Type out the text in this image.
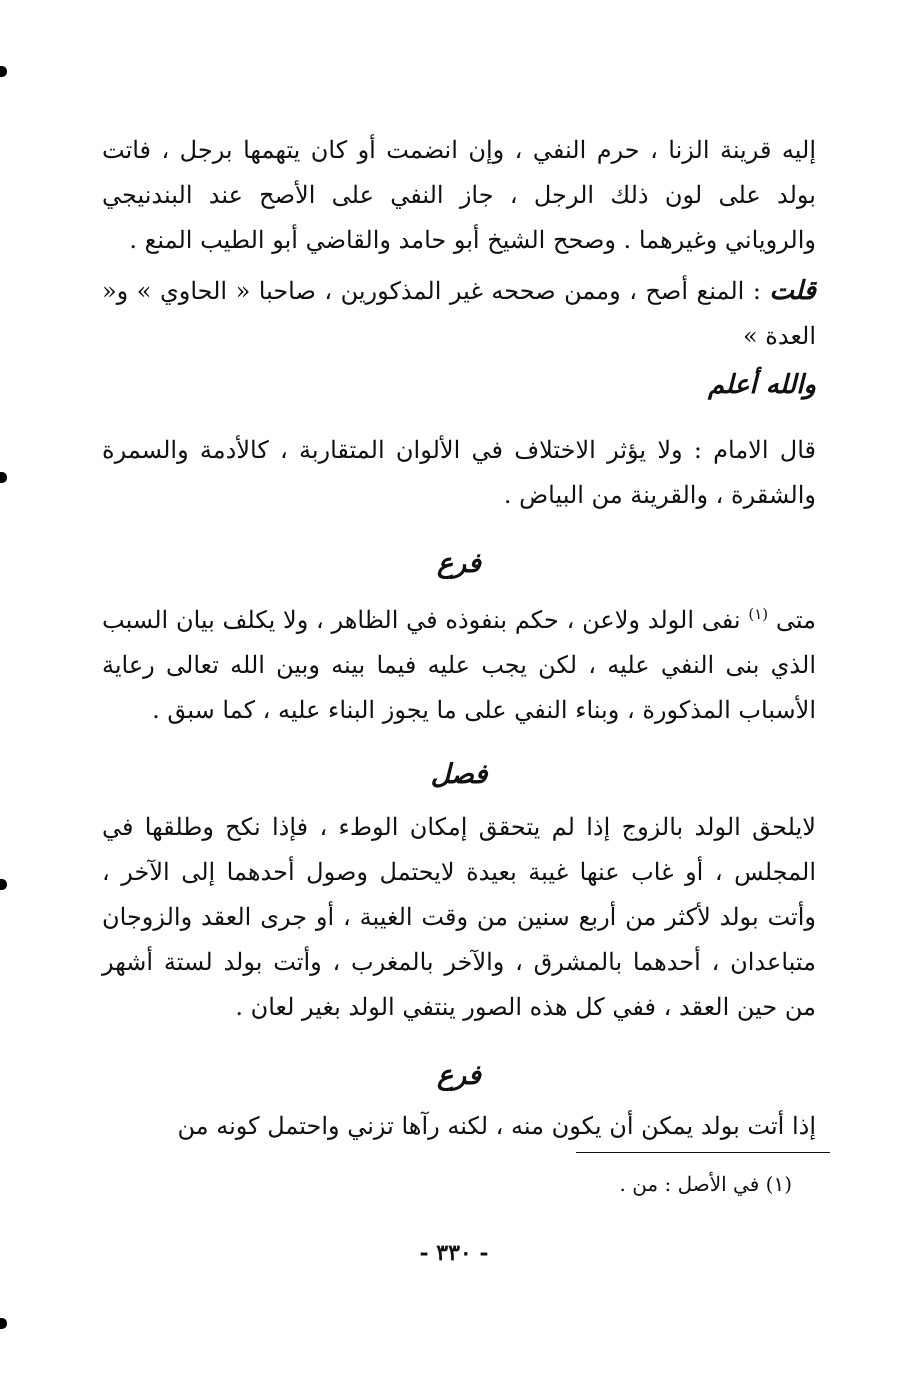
إليه قرينة الزنا ، حرم النفي ، وإن انضمت أو كان يتهمها برجل ، فاتت بولد على لون ذلك الرجل ، جاز النفي على الأصح عند البندنيجي والروياني وغيرهما . وصحح الشيخ أبو حامد والقاضي أبو الطيب المنع .

قلت : المنع أصح ، وممن صححه غير المذكورين ، صاحبا « الحاوي » و« العدة »
والله أعلم

قال الامام : ولا يؤثر الاختلاف في الألوان المتقاربة ، كالأدمة والسمرة والشقرة ، والقرينة من البياض .

فرع

متى $^{(١)}$ نفى الولد ولاعن ، حكم بنفوذه في الظاهر ، ولا يكلف بيان السبب الذي بنى النفي عليه ، لكن يجب عليه فيما بينه وبين الله تعالى رعاية الأسباب المذكورة ، وبناء النفي على ما يجوز البناء عليه ، كما سبق .

فصل

لايلحق الولد بالزوج إذا لم يتحقق إمكان الوطء ، فإذا نكح وطلقها في المجلس ، أو غاب عنها غيبة بعيدة لايحتمل وصول أحدهما إلى الآخر ، وأتت بولد لأكثر من أربع سنين من وقت الغيبة ، أو جرى العقد والزوجان متباعدان ، أحدهما بالمشرق ، والآخر بالمغرب ، وأتت بولد لستة أشهر من حين العقد ، ففي كل هذه الصور ينتفي الولد بغير لعان .

فرع

إذا أتت بولد يمكن أن يكون منه ، لكنه رآها تزني واحتمل كونه من

(١) في الأصل : من .
- ٣٣٠ -
